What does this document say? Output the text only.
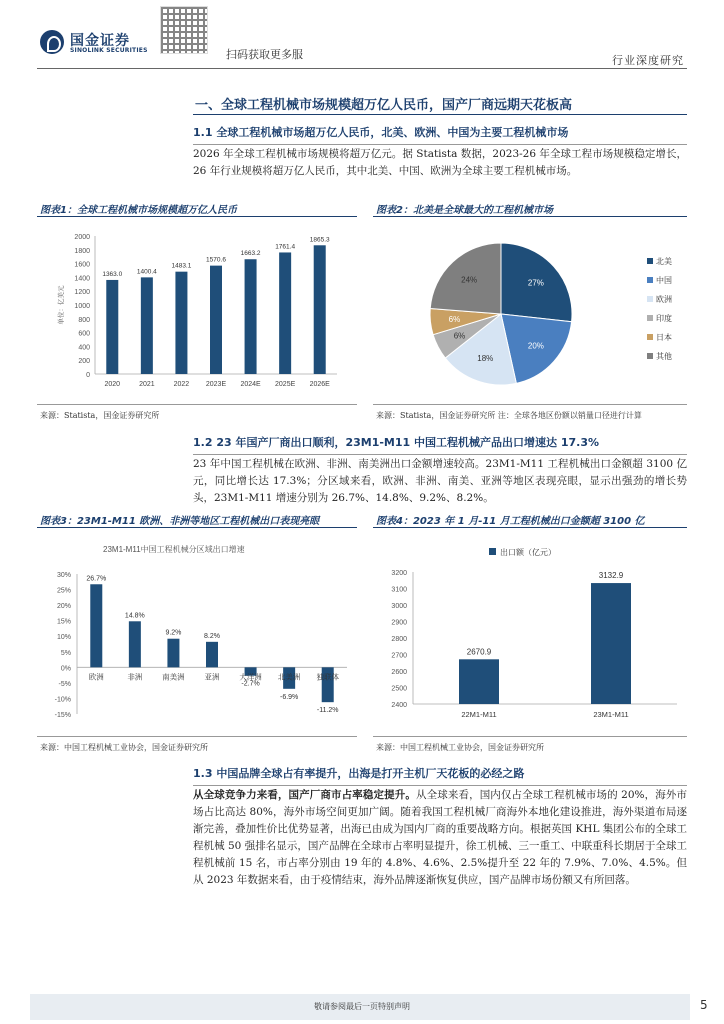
国金证券
SINOLINK SECURITIES	扫码获取更多服	行业深度研究
一、全球工程机械市场规模超万亿人民币，国产厂商远期天花板高
1.1 全球工程机械市场超万亿人民币，北美、欧洲、中国为主要工程机械市场
2026 年全球工程机械市场规模将超万亿元。据 Statista 数据，2023-26 年全球工程市场规模稳定增长，26 年行业规模将超万亿人民币，其中北美、中国、欧洲为全球主要工程机械市场。
图表1：全球工程机械市场规模超万亿人民币	图表2：北美是全球最大的工程机械市场
0
200
400
600
800
1000
1200
1400
1600
1800
2000
1363.0
2020
1400.4
2021
1483.1
2022
1570.6
2023E
1663.2
2024E
1761.4
2025E
1865.3
2026E
单位：亿美元
27%
20%
18%
6%
6%
24%
北美
中国
欧洲
印度
日本
其他
来源：Statista，国金证券研究所	来源：Statista，国金证券研究所 注：全球各地区份额以销量口径进行计算
1.2 23 年国产厂商出口顺利，23M1-M11 中国工程机械产品出口增速达 17.3%
23 年中国工程机械在欧洲、非洲、南美洲出口金额增速较高。23M1-M11 工程机械出口金额超 3100 亿元，同比增长达 17.3%；分区域来看，欧洲、非洲、南美、亚洲等地区表现亮眼，显示出强劲的增长势头，23M1-M11 增速分别为 26.7%、14.8%、9.2%、8.2%。
图表3：23M1-M11 欧洲、非洲等地区工程机械出口表现亮眼	图表4：2023 年 1 月-11 月工程机械出口金额超 3100 亿
23M1-M11中国工程机械分区域出口增速
-15%
-10%
-5%
0%
5%
10%
15%
20%
25%
30% 26.7%
欧洲
14.8%
非洲
9.2%
南美洲
8.2%
亚洲
-2.7%
大洋洲
-6.9%
北美洲
-11.2%
独联体
出口额（亿元）
2400
2500
2600
2700
2800
2900
3000
3100
3200
2670.9
22M1-M11
3132.9
23M1-M11
来源：中国工程机械工业协会，国金证券研究所	来源：中国工程机械工业协会，国金证券研究所
1.3 中国品牌全球占有率提升，出海是打开主机厂天花板的必经之路
从全球竞争力来看，国产厂商市占率稳定提升。从全球来看，国内仅占全球工程机械市场的 20%，海外市场占比高达 80%，海外市场空间更加广阔。随着我国工程机械厂商海外本地化建设推进，海外渠道布局逐渐完善，叠加性价比优势显著，出海已由成为国内厂商的重要战略方向。根据英国 KHL 集团公布的全球工程机械 50 强排名显示，国产品牌在全球市占率明显提升，徐工机械、三一重工、中联重科长期居于全球工程机械前 15 名，市占率分别由 19 年的 4.8%、4.6%、2.5%提升至 22 年的 7.9%、7.0%、4.5%。但从 2023 年数据来看，由于疫情结束，海外品牌逐渐恢复供应，国产品牌市场份额又有所回落。
敬请参阅最后一页特别声明	5
